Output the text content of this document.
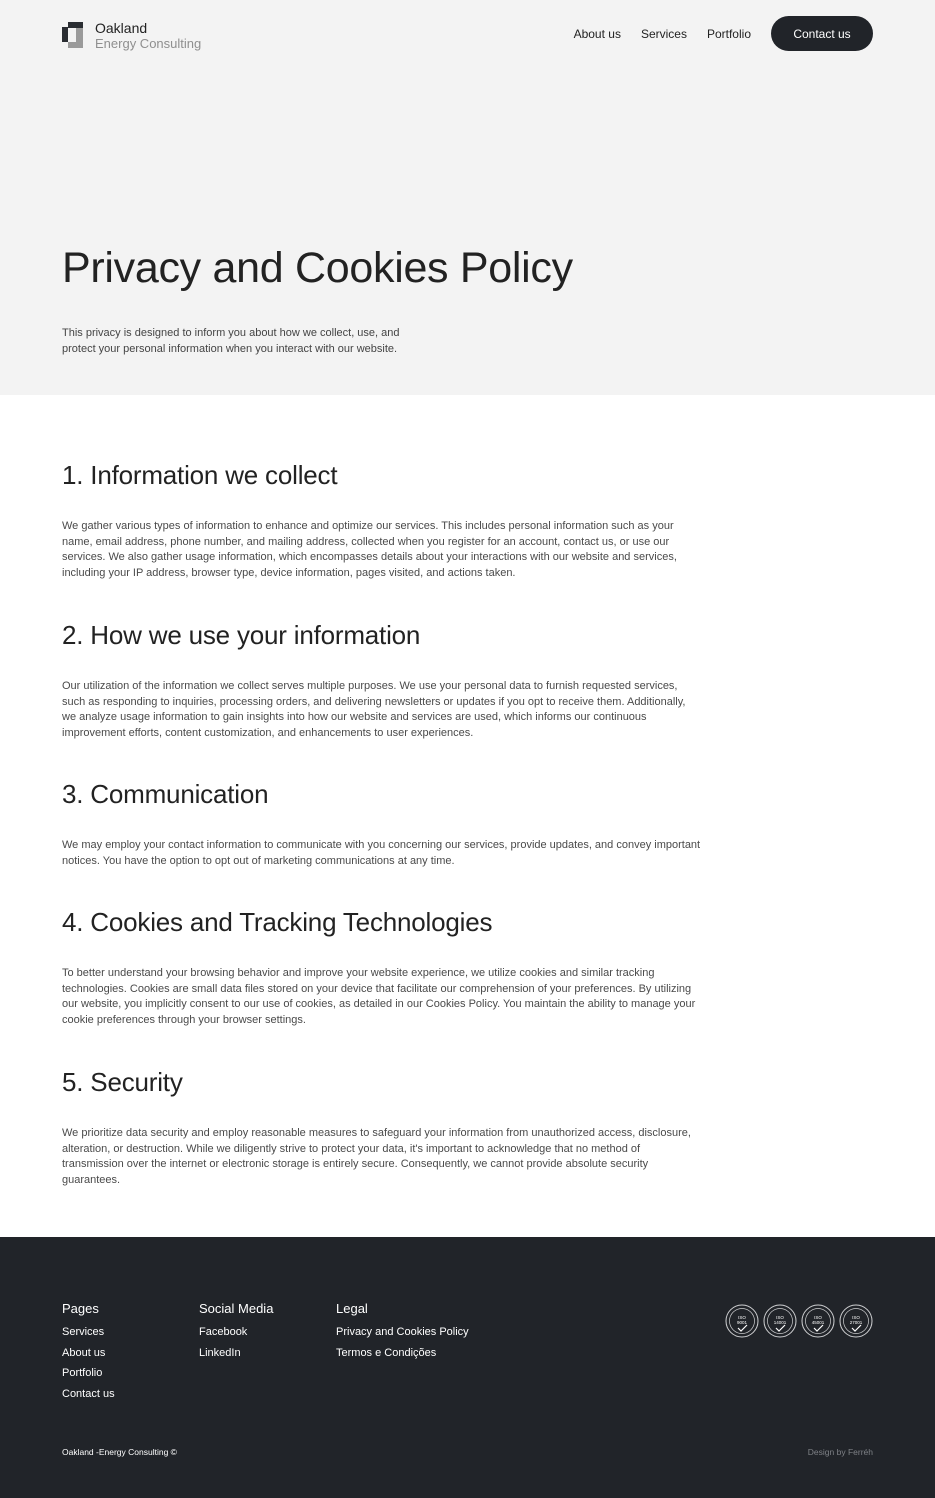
Oakland
Energy Consulting
About us Services Portfolio	Contact us
Privacy and Cookies Policy

This privacy is designed to inform you about how we collect, use, and protect your personal information when you interact with our website.

1. Information we collect

We gather various types of information to enhance and optimize our services. This includes personal information such as your name, email address, phone number, and mailing address, collected when you register for an account, contact us, or use our services. We also gather usage information, which encompasses details about your interactions with our website and services, including your IP address, browser type, device information, pages visited, and actions taken.

2. How we use your information

Our utilization of the information we collect serves multiple purposes. We use your personal data to furnish requested services, such as responding to inquiries, processing orders, and delivering newsletters or updates if you opt to receive them. Additionally, we analyze usage information to gain insights into how our website and services are used, which informs our continuous improvement efforts, content customization, and enhancements to user experiences.

3. Communication

We may employ your contact information to communicate with you concerning our services, provide updates, and convey important notices. You have the option to opt out of marketing communications at any time.

4. Cookies and Tracking Technologies

To better understand your browsing behavior and improve your website experience, we utilize cookies and similar tracking technologies. Cookies are small data files stored on your device that facilitate our comprehension of your preferences. By utilizing our website, you implicitly consent to our use of cookies, as detailed in our Cookies Policy. You maintain the ability to manage your cookie preferences through your browser settings.

5. Security

We prioritize data security and employ reasonable measures to safeguard your information from unauthorized access, disclosure, alteration, or destruction. While we diligently strive to protect your data, it's important to acknowledge that no method of transmission over the internet or electronic storage is entirely secure. Consequently, we cannot provide absolute security guarantees.

Pages
Services
About us
Portfolio
Contact us
Social Media
Facebook
LinkedIn
Legal
Privacy and Cookies Policy
Termos e Condições
ISO
9001
ISO
14001
ISO
45001
ISO
27001
Oakland -Energy Consulting ©	Design by Ferréh
